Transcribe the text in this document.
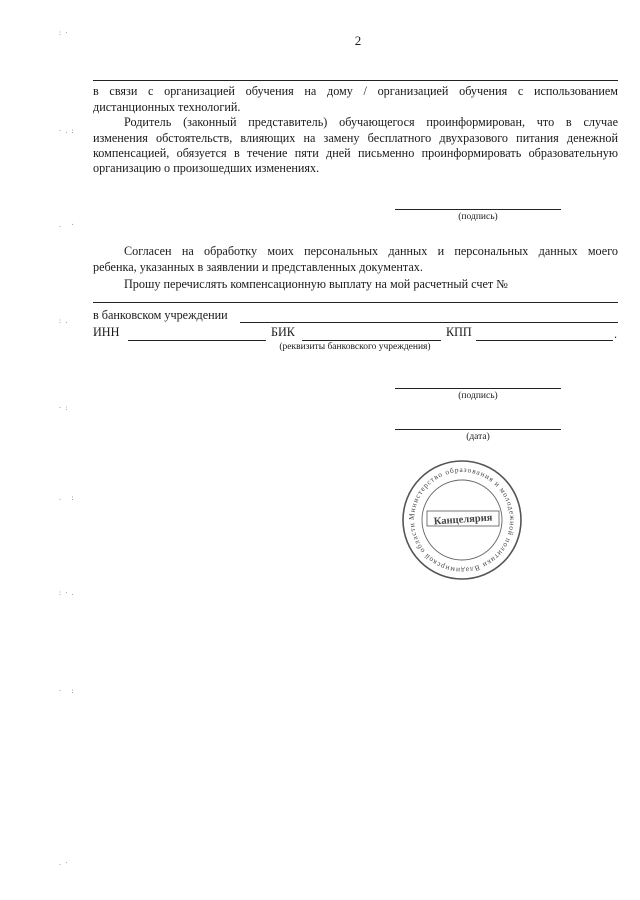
2
в связи с организацией обучения на дому / организацией обучения с использованием
дистанционных технологий.
Родитель (законный представитель) обучающегося проинформирован, что в случае
изменения обстоятельств, влияющих на замену бесплатного двухразового питания денежной
компенсацией, обязуется в течение пяти дней письменно проинформировать образовательную
организацию о произошедших изменениях.
(подпись)
Согласен на обработку моих персональных данных и персональных данных моего
ребенка, указанных в заявлении и представленных документах.
Прошу перечислять компенсационную выплату на мой расчетный счет №
в банковском учреждении
ИНН	БИК	КПП	.
(реквизиты банковского учреждения)
(подпись)
(дата)
Министерство образования и молодежной политики Владимирской области	Канцелярия
:·
·.:
. ·
:.
·:
. :
:·.
· :
.·
